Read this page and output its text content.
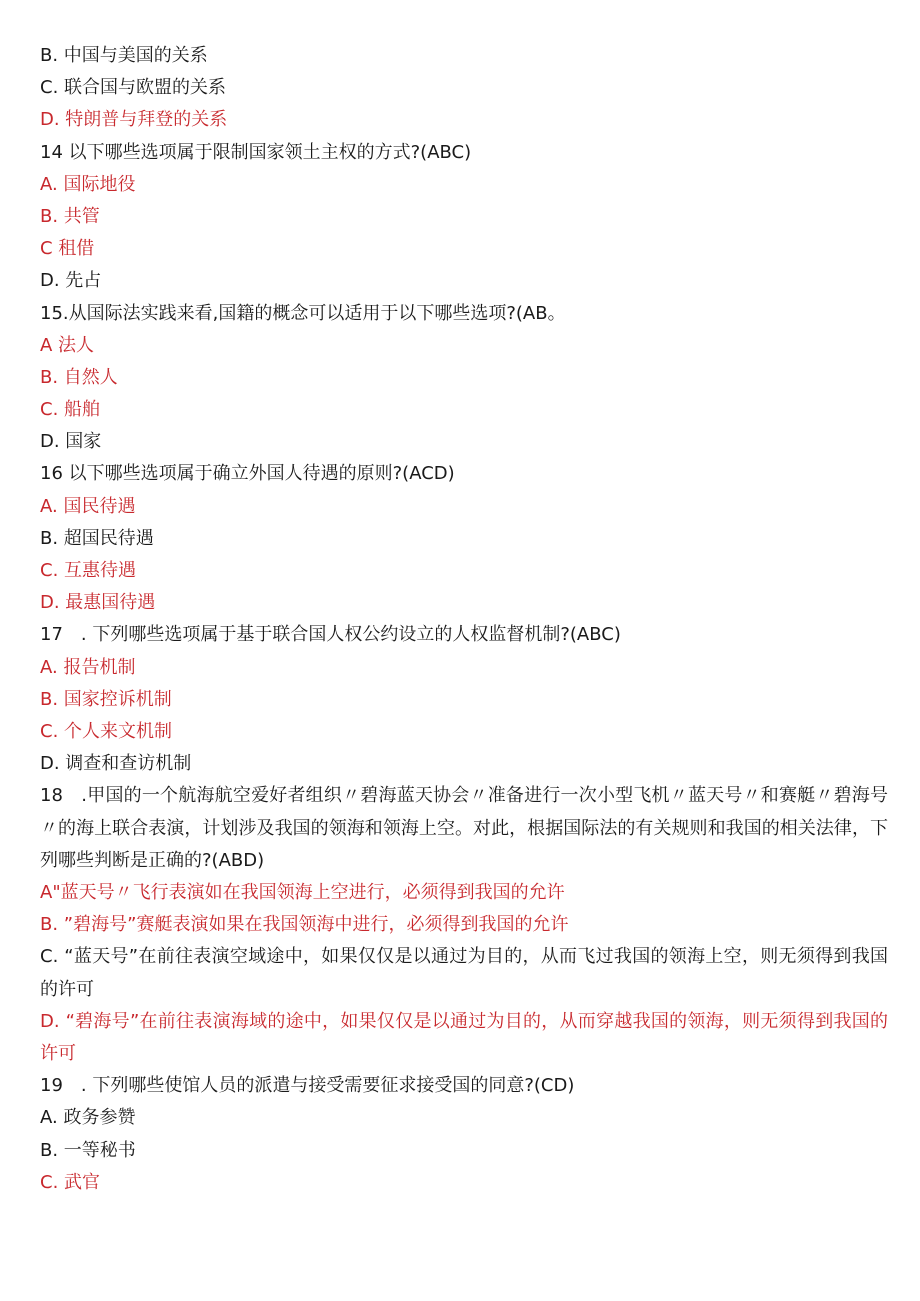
B. 中国与美国的关系
C. 联合国与欧盟的关系
D. 特朗普与拜登的关系
14 以下哪些选项属于限制国家领土主权的方式?(ABC)
A. 国际地役
B. 共管
C 租借
D. 先占
15.从国际法实践来看,国籍的概念可以适用于以下哪些选项?(AB。
A 法人
B. 自然人
C. 船舶
D. 国家
16 以下哪些选项属于确立外国人待遇的原则?(ACD)
A. 国民待遇
B. 超国民待遇
C. 互惠待遇
D. 最惠国待遇
17　. 下列哪些选项属于基于联合国人权公约设立的人权监督机制?(ABC)
A. 报告机制
B. 国家控诉机制
C. 个人来文机制
D. 调查和查访机制
18　.甲国的一个航海航空爱好者组织〃碧海蓝天协会〃准备进行一次小型飞机〃蓝天号〃和赛艇〃碧海号〃的海上联合表演，计划涉及我国的领海和领海上空。对此，根据国际法的有关规则和我国的相关法律，下列哪些判断是正确的?(ABD)
A"蓝天号〃飞行表演如在我国领海上空进行，必须得到我国的允许
B. ”碧海号”赛艇表演如果在我国领海中进行，必须得到我国的允许
C. “蓝天号”在前往表演空域途中，如果仅仅是以通过为目的，从而飞过我国的领海上空，则无须得到我国的许可
D. “碧海号”在前往表演海域的途中，如果仅仅是以通过为目的，从而穿越我国的领海，则无须得到我国的许可
19　. 下列哪些使馆人员的派遣与接受需要征求接受国的同意?(CD)
A. 政务参赞
B. 一等秘书
C. 武官
